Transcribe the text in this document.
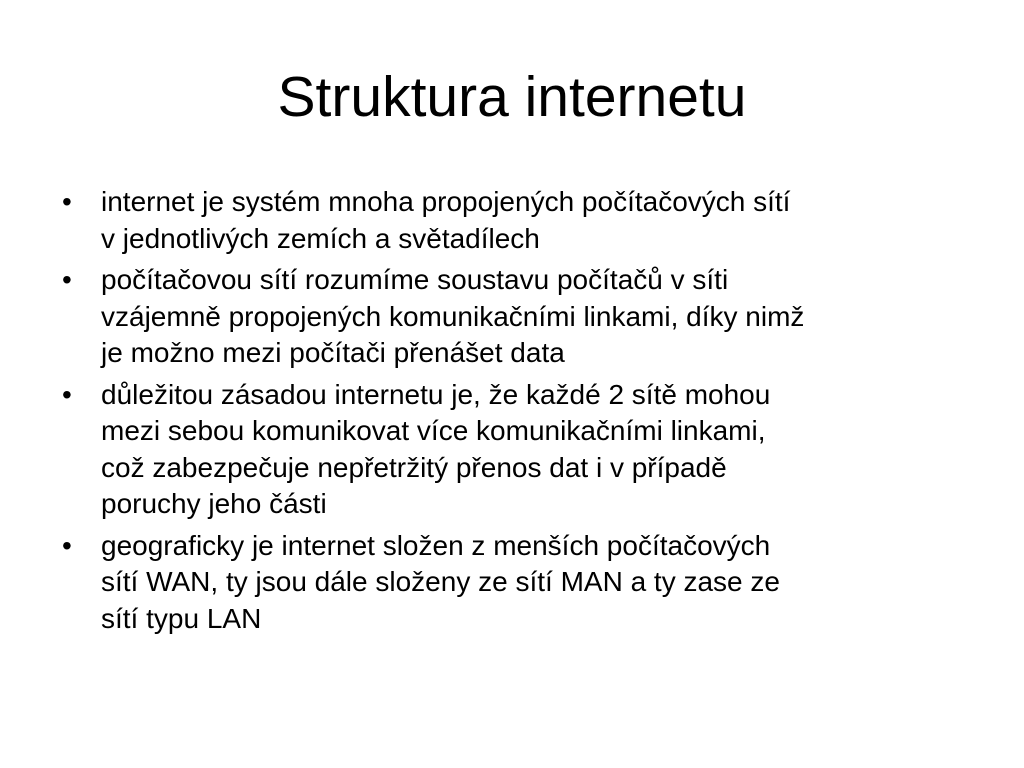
Struktura internetu
•	internet je systém mnoha propojených počítačových sítí
v jednotlivých zemích a světadílech
•	počítačovou sítí rozumíme soustavu počítačů v síti
vzájemně propojených komunikačními linkami, díky nimž
je možno mezi počítači přenášet data
•	důležitou zásadou internetu je, že každé 2 sítě mohou
mezi sebou komunikovat více komunikačními linkami,
což zabezpečuje nepřetržitý přenos dat i v případě
poruchy jeho části
•	geograficky je internet složen z menších počítačových
sítí WAN, ty jsou dále složeny ze sítí MAN a ty zase ze
sítí typu LAN
